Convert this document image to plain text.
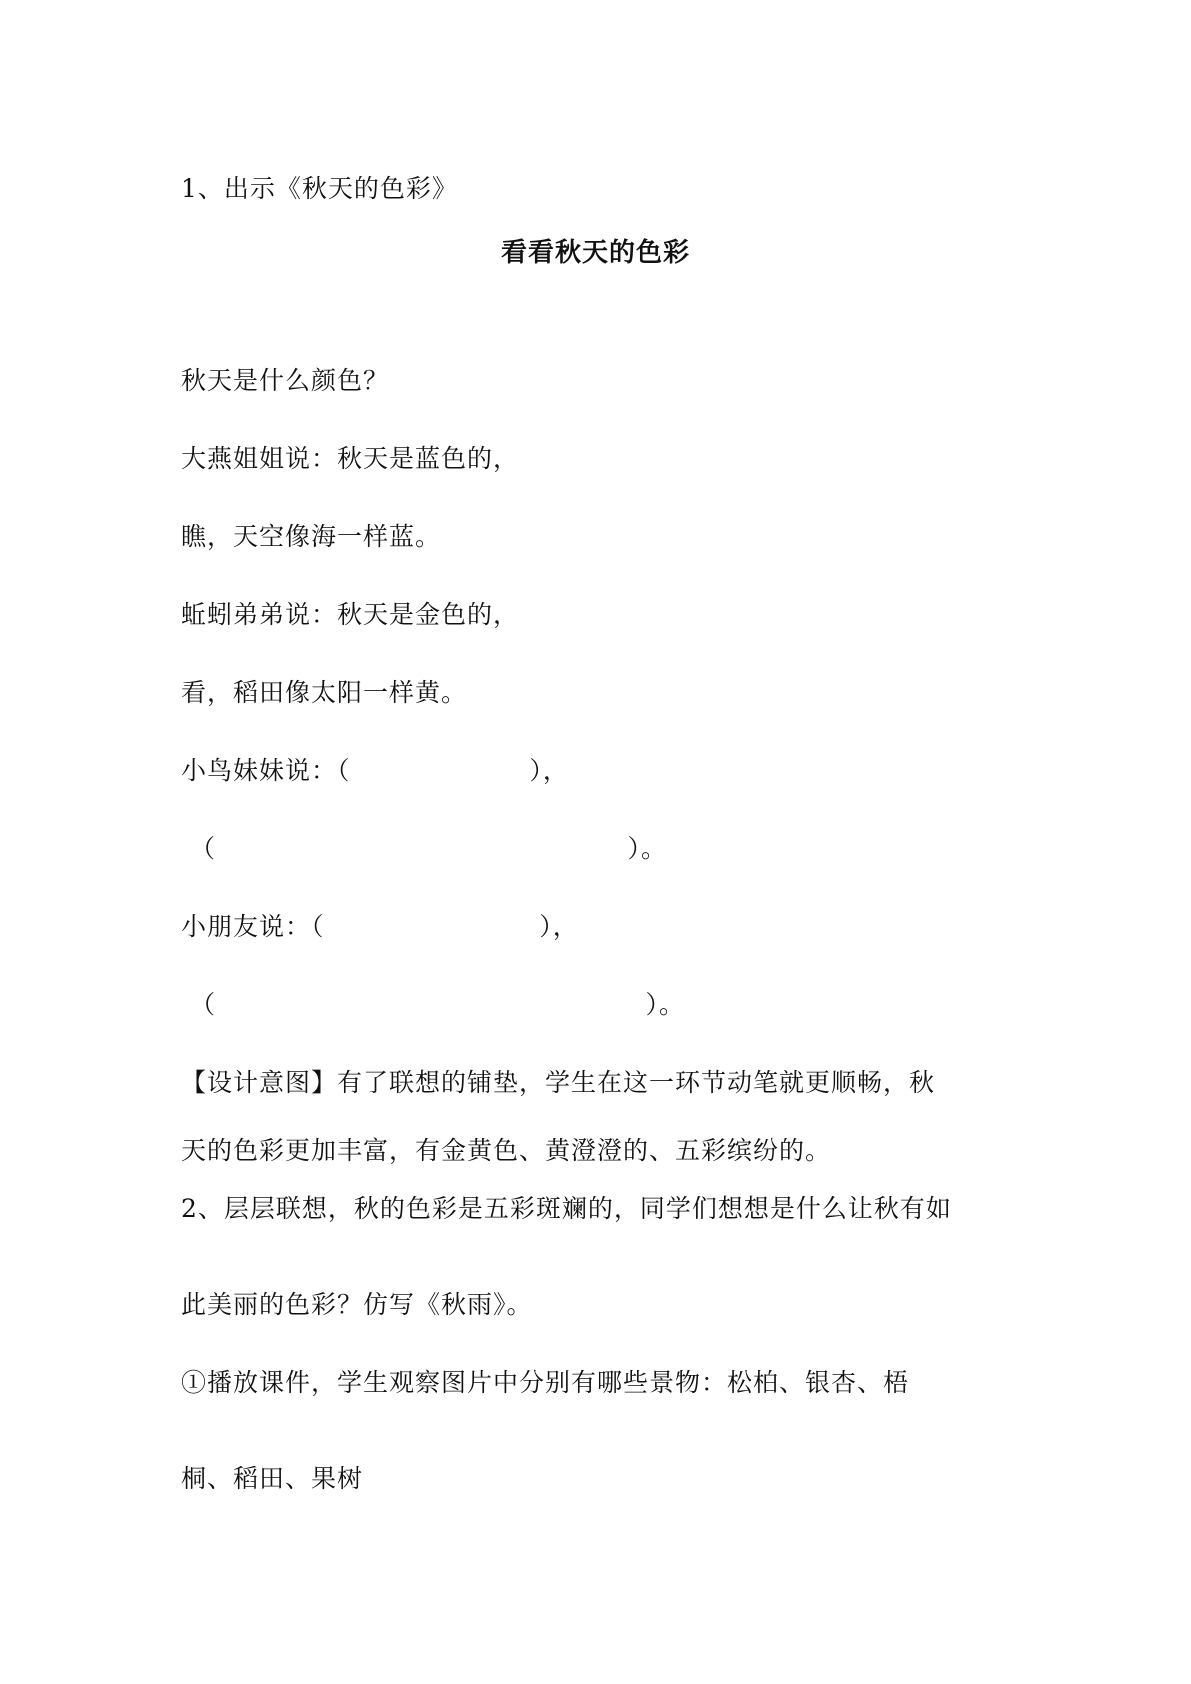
1、出示《秋天的色彩》
看看秋天的色彩
秋天是什么颜色？
大燕姐姐说：秋天是蓝色的，
瞧，天空像海一样蓝。
蚯蚓弟弟说：秋天是金色的，
看，稻田像太阳一样黄。
小鸟妹妹说：（                    ），
（                                              ）。
小朋友说：（                        ），
（                                                ）。
【设计意图】有了联想的铺垫，学生在这一环节动笔就更顺畅，秋
天的色彩更加丰富，有金黄色、黄澄澄的、五彩缤纷的。
2、层层联想，秋的色彩是五彩斑斓的，同学们想想是什么让秋有如
此美丽的色彩？仿写《秋雨》。
①播放课件，学生观察图片中分别有哪些景物：松柏、银杏、梧
桐、稻田、果树
